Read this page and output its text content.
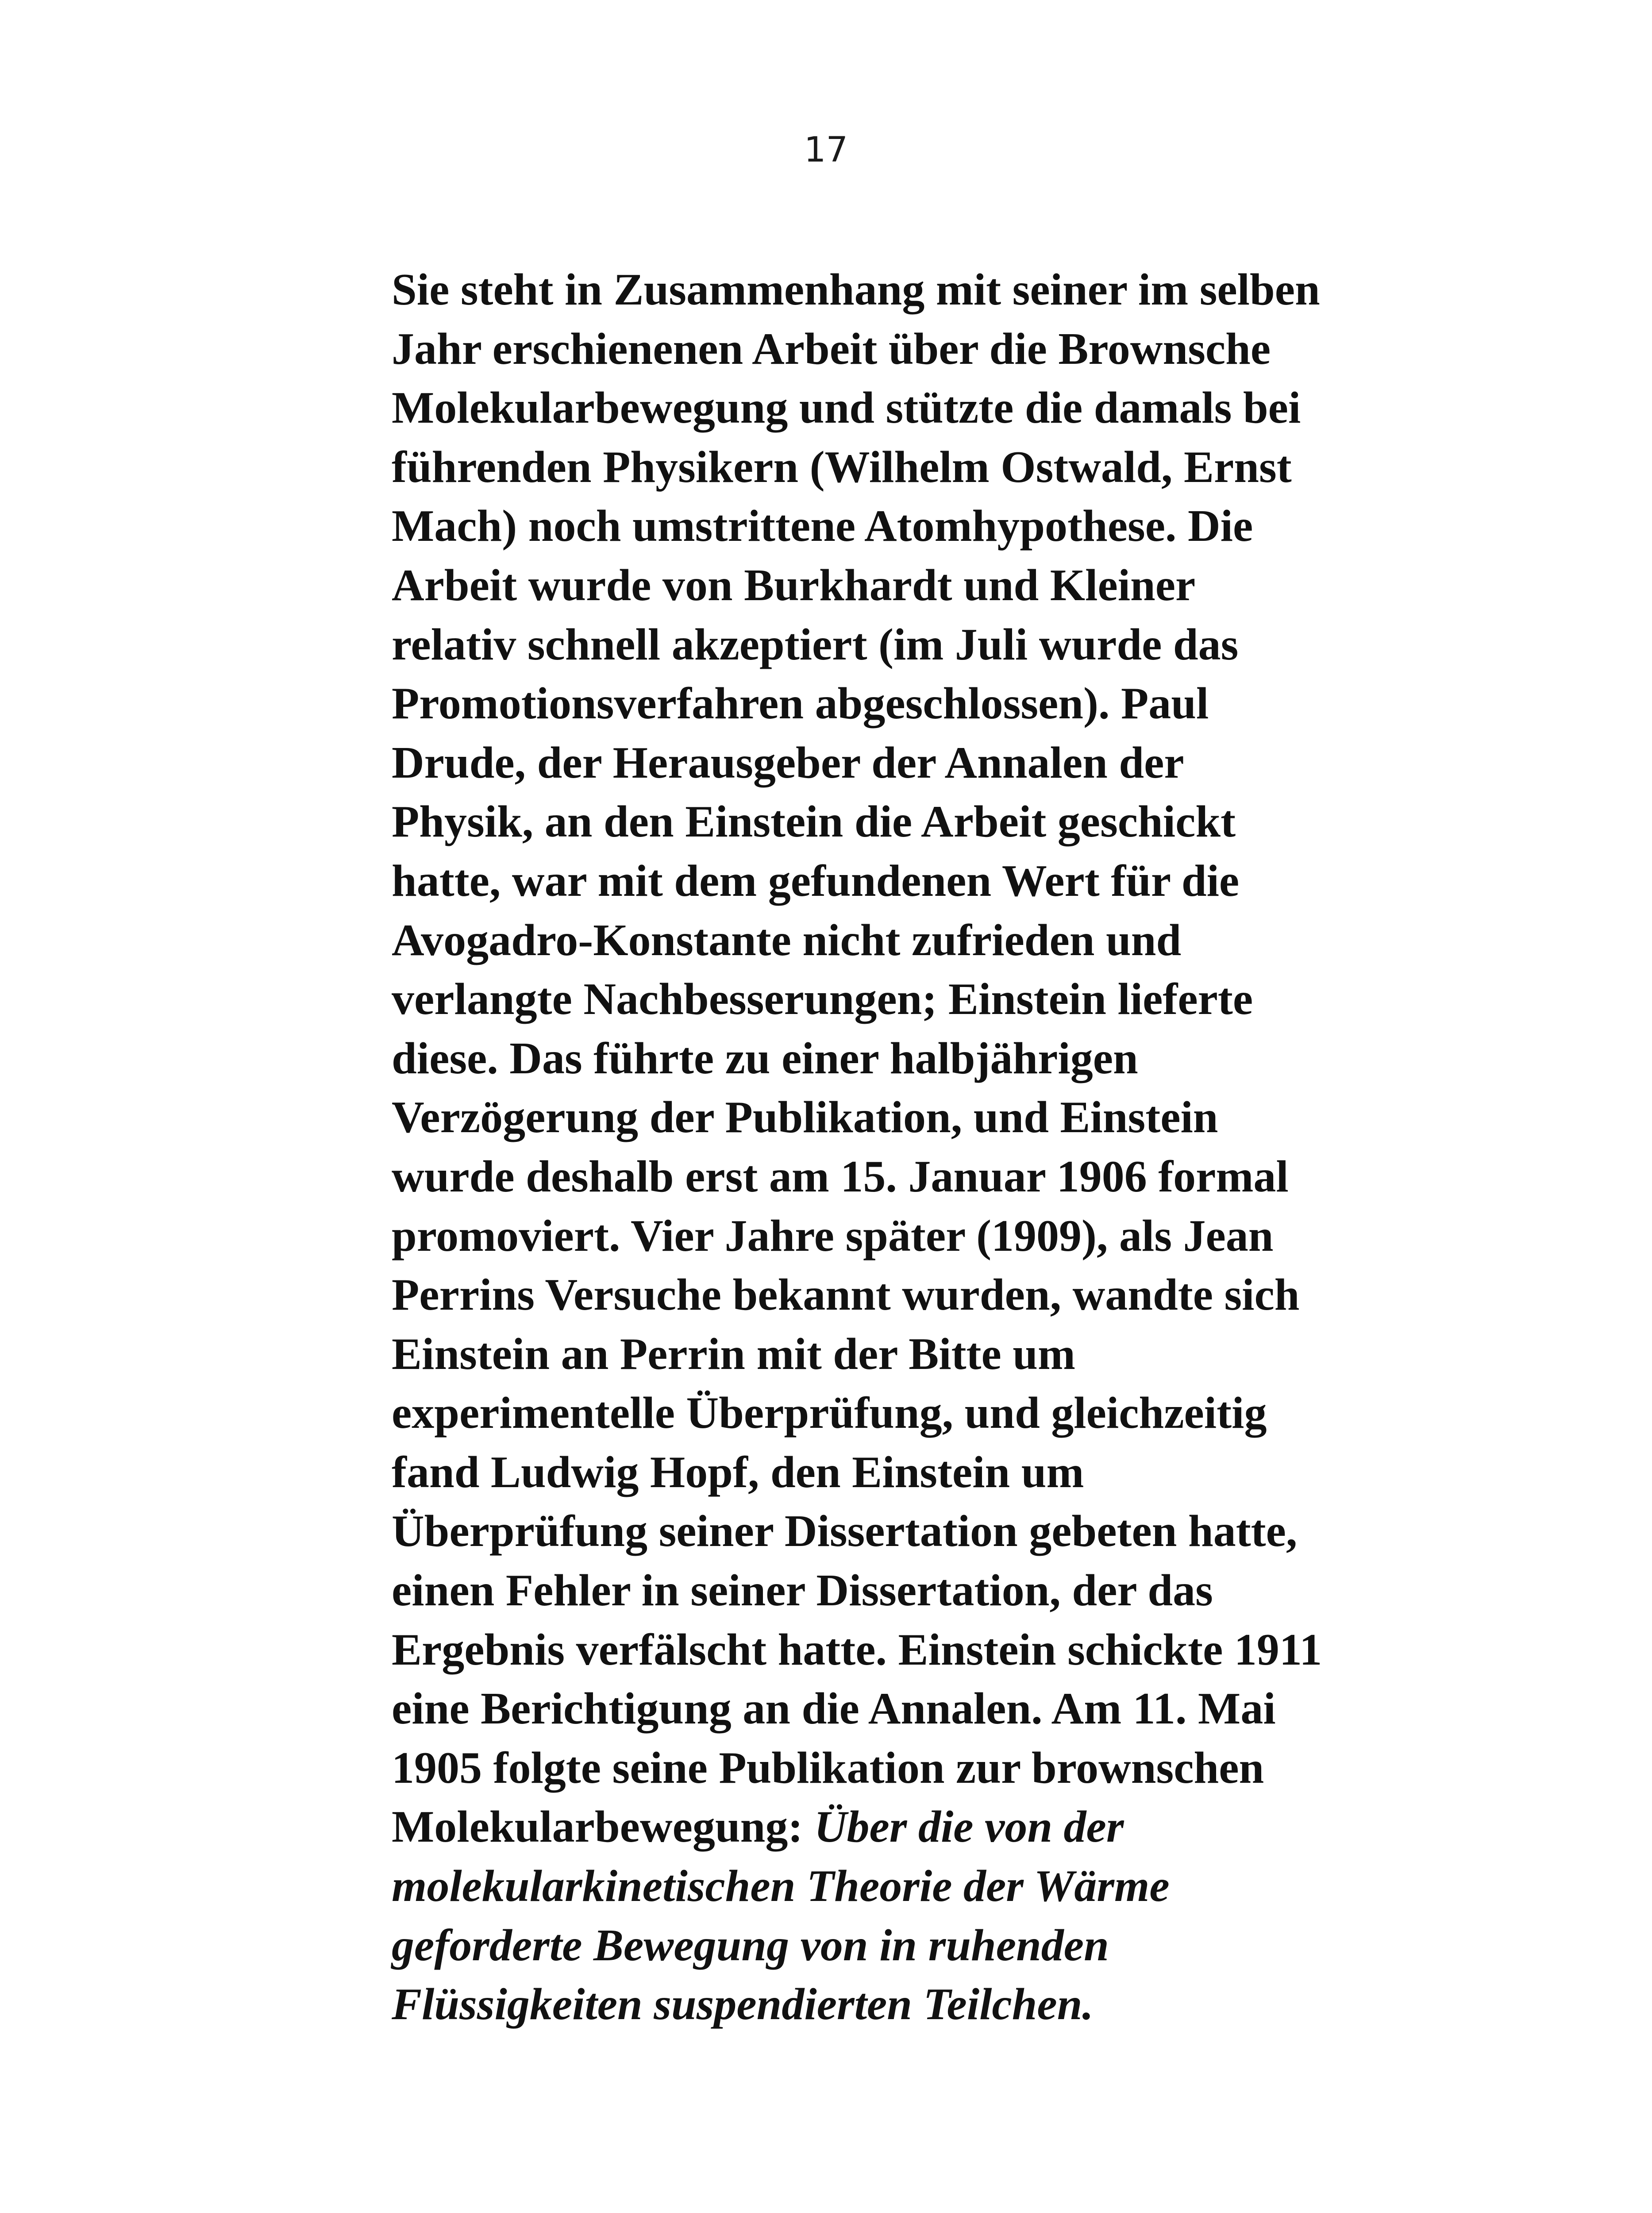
17
Sie steht in Zusammenhang mit seiner im selben
Jahr erschienenen Arbeit über die Brownsche
Molekularbewegung und stützte die damals bei
führenden Physikern (Wilhelm Ostwald, Ernst
Mach) noch umstrittene Atomhypothese. Die
Arbeit wurde von Burkhardt und Kleiner
relativ schnell akzeptiert (im Juli wurde das
Promotionsverfahren abgeschlossen). Paul
Drude, der Herausgeber der Annalen der
Physik, an den Einstein die Arbeit geschickt
hatte, war mit dem gefundenen Wert für die
Avogadro-Konstante nicht zufrieden und
verlangte Nachbesserungen; Einstein lieferte
diese. Das führte zu einer halbjährigen
Verzögerung der Publikation, und Einstein
wurde deshalb erst am 15. Januar 1906 formal
promoviert. Vier Jahre später (1909), als Jean
Perrins Versuche bekannt wurden, wandte sich
Einstein an Perrin mit der Bitte um
experimentelle Überprüfung, und gleichzeitig
fand Ludwig Hopf, den Einstein um
Überprüfung seiner Dissertation gebeten hatte,
einen Fehler in seiner Dissertation, der das
Ergebnis verfälscht hatte. Einstein schickte 1911
eine Berichtigung an die Annalen. Am 11. Mai
1905 folgte seine Publikation zur brownschen
Molekularbewegung: Über die von der
molekularkinetischen Theorie der Wärme
geforderte Bewegung von in ruhenden
Flüssigkeiten suspendierten Teilchen.
